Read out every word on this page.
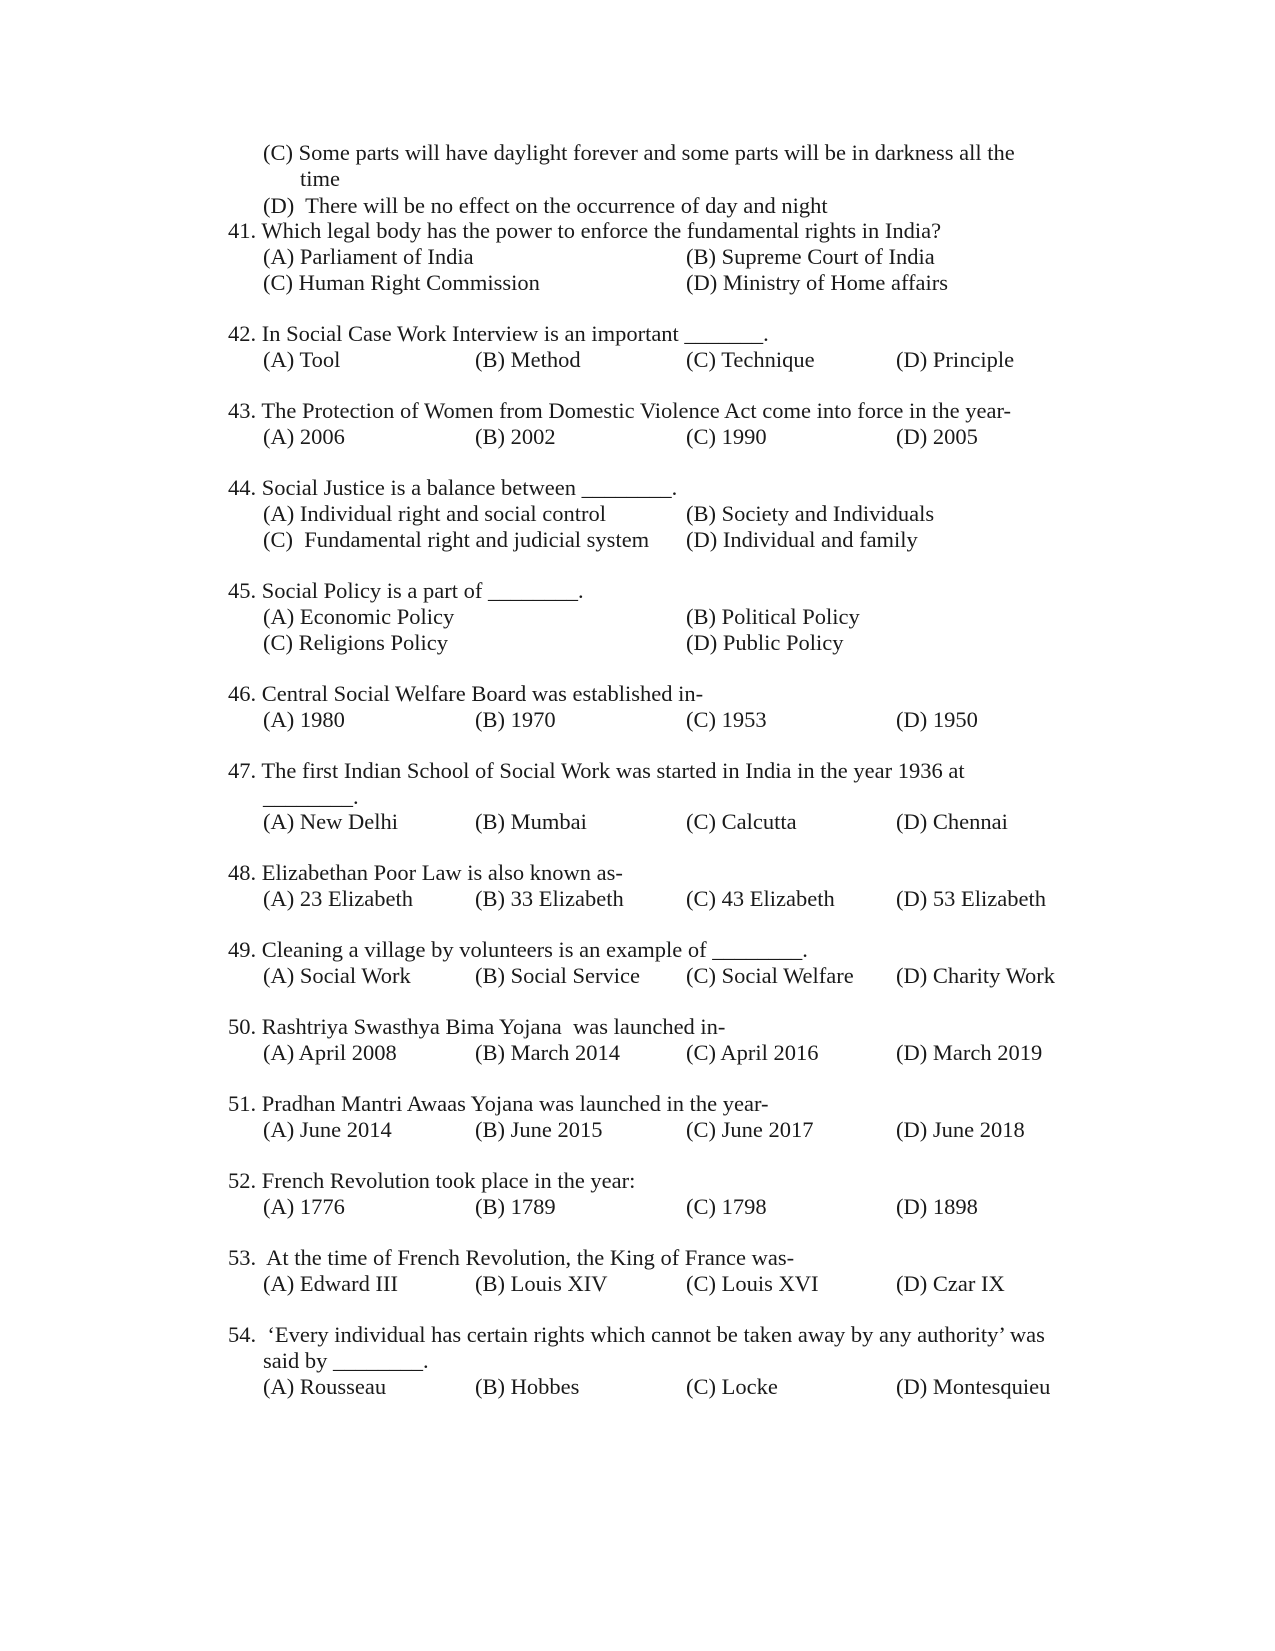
(C) Some parts will have daylight forever and some parts will be in darkness all the
time
(D)  There will be no effect on the occurrence of day and night
41. Which legal body has the power to enforce the fundamental rights in India?
(A) Parliament of India	(B) Supreme Court of India
(C) Human Right Commission	(D) Ministry of Home affairs
42. In Social Case Work Interview is an important _______.
(A) Tool	(B) Method	(C) Technique	(D) Principle
43. The Protection of Women from Domestic Violence Act come into force in the year-
(A) 2006	(B) 2002	(C) 1990	(D) 2005
44. Social Justice is a balance between ________.
(A) Individual right and social control	(B) Society and Individuals
(C)  Fundamental right and judicial system (D) Individual and family
45. Social Policy is a part of ________.
(A) Economic Policy	(B) Political Policy
(C) Religions Policy	(D) Public Policy
46. Central Social Welfare Board was established in-
(A) 1980	(B) 1970	(C) 1953	(D) 1950
47. The first Indian School of Social Work was started in India in the year 1936 at
________.
(A) New Delhi	(B) Mumbai	(C) Calcutta	(D) Chennai
48. Elizabethan Poor Law is also known as-
(A) 23 Elizabeth	(B) 33 Elizabeth	(C) 43 Elizabeth	(D) 53 Elizabeth
49. Cleaning a village by volunteers is an example of ________.
(A) Social Work	(B) Social Service (C) Social Welfare (D) Charity Work
50. Rashtriya Swasthya Bima Yojana  was launched in-
(A) April 2008	(B) March 2014	(C) April 2016	(D) March 2019
51. Pradhan Mantri Awaas Yojana was launched in the year-
(A) June 2014	(B) June 2015	(C) June 2017	(D) June 2018
52. French Revolution took place in the year:
(A) 1776	(B) 1789	(C) 1798	(D) 1898
53.  At the time of French Revolution, the King of France was-
(A) Edward III	(B) Louis XIV	(C) Louis XVI	(D) Czar IX
54.  ‘Every individual has certain rights which cannot be taken away by any authority’ was
said by ________.
(A) Rousseau	(B) Hobbes	(C) Locke	(D) Montesquieu
